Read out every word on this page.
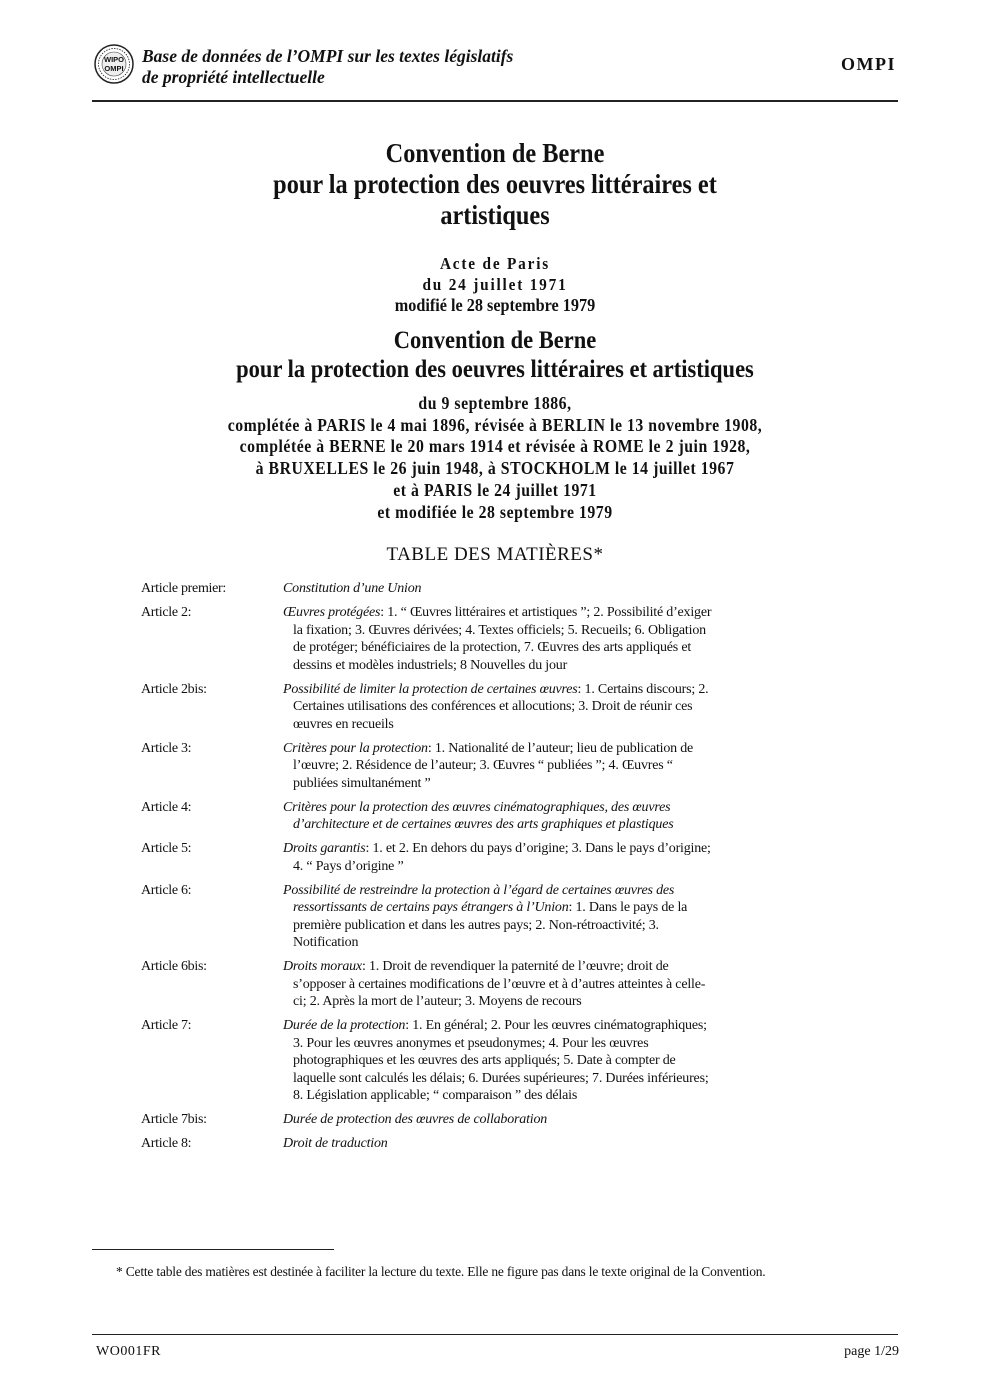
WIPO
OMPI
Base de données de l’OMPI sur les textes législatifs
de propriété intellectuelle
OMPI
Convention de Berne
pour la protection des oeuvres littéraires et
artistiques
Acte de Paris
du 24 juillet 1971
modifié le 28 septembre 1979
Convention de Berne
pour la protection des oeuvres littéraires et artistiques
du 9 septembre 1886,
complétée à PARIS le 4 mai 1896, révisée à BERLIN le 13 novembre 1908,
complétée à BERNE le 20 mars 1914 et révisée à ROME le 2 juin 1928,
à BRUXELLES le 26 juin 1948, à STOCKHOLM le 14 juillet 1967
et à PARIS le 24 juillet 1971
et modifiée le 28 septembre 1979
TABLE DES MATIÈRES*
Article premier:	Constitution d’une Union
Article 2:	Œuvres protégées: 1. “ Œuvres littéraires et artistiques ”; 2. Possibilité d’exiger la fixation; 3. Œuvres dérivées; 4. Textes officiels; 5. Recueils; 6. Obligation de protéger; bénéficiaires de la protection, 7. Œuvres des arts appliqués et dessins et modèles industriels; 8 Nouvelles du jour
Article 2bis:	Possibilité de limiter la protection de certaines œuvres: 1. Certains discours; 2. Certaines utilisations des conférences et allocutions; 3. Droit de réunir ces œuvres en recueils
Article 3:	Critères pour la protection: 1. Nationalité de l’auteur; lieu de publication de l’œuvre; 2. Résidence de l’auteur; 3. Œuvres “ publiées ”; 4. Œuvres “ publiées simultanément ”
Article 4:	Critères pour la protection des œuvres cinématographiques, des œuvres d’architecture et de certaines œuvres des arts graphiques et plastiques
Article 5:	Droits garantis: 1. et 2. En dehors du pays d’origine; 3. Dans le pays d’origine; 4. “ Pays d’origine ”
Article 6:	Possibilité de restreindre la protection à l’égard de certaines œuvres des ressortissants de certains pays étrangers à l’Union: 1. Dans le pays de la première publication et dans les autres pays; 2. Non-rétroactivité; 3. Notification
Article 6bis:	Droits moraux: 1. Droit de revendiquer la paternité de l’œuvre; droit de s’opposer à certaines modifications de l’œuvre et à d’autres atteintes à celle-ci; 2. Après la mort de l’auteur; 3. Moyens de recours
Article 7:	Durée de la protection: 1. En général; 2. Pour les œuvres cinématographiques; 3. Pour les œuvres anonymes et pseudonymes; 4. Pour les œuvres photographiques et les œuvres des arts appliqués; 5. Date à compter de laquelle sont calculés les délais; 6. Durées supérieures; 7. Durées inférieures; 8. Législation applicable; “ comparaison ” des délais
Article 7bis:	Durée de protection des œuvres de collaboration
Article 8:	Droit de traduction
* Cette table des matières est destinée à faciliter la lecture du texte. Elle ne figure pas dans le texte original de la Convention.
WO001FR	page 1/29
